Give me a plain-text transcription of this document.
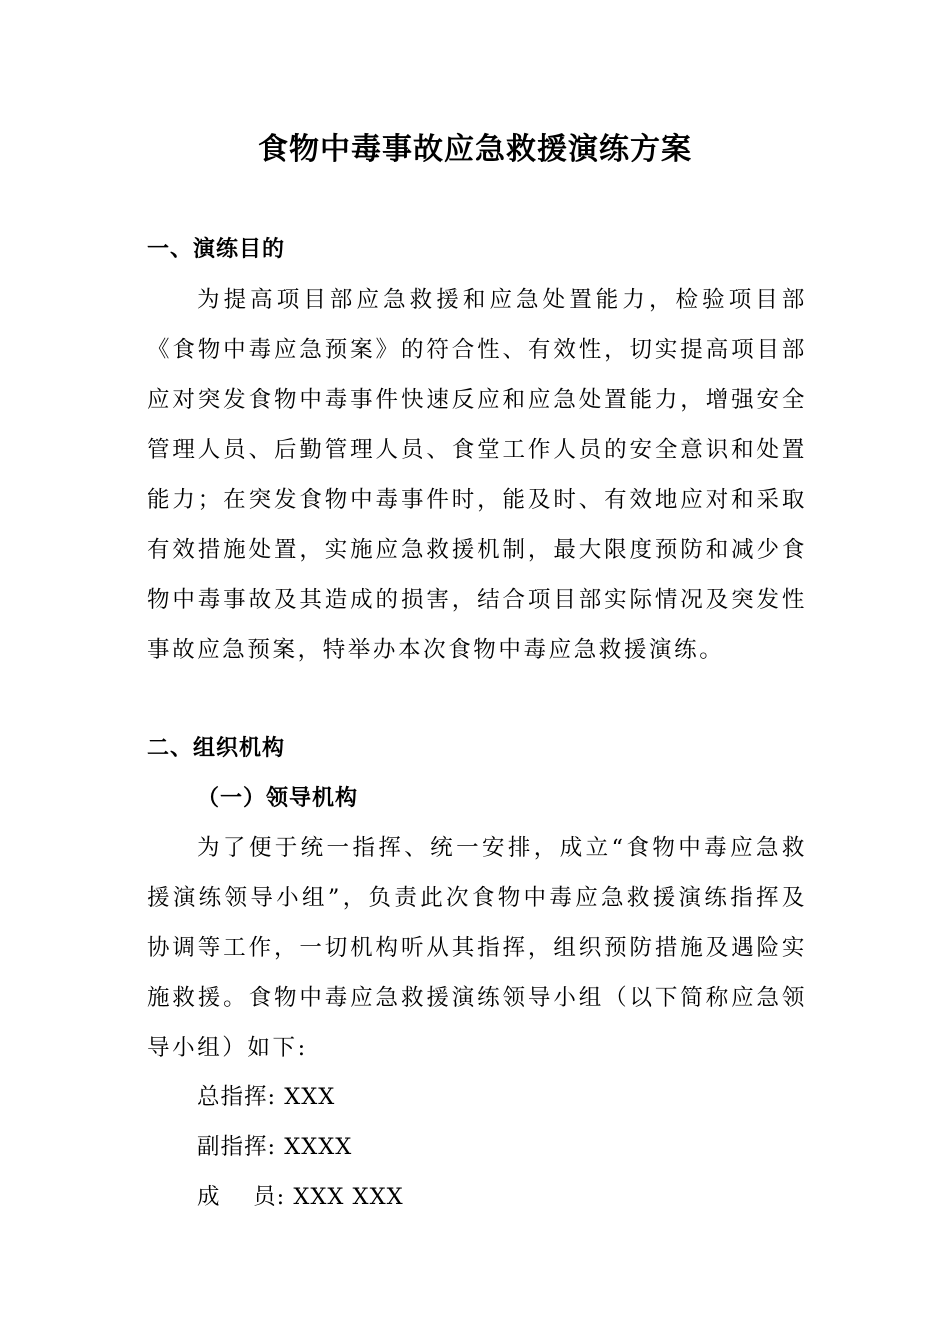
食物中毒事故应急救援演练方案
一、演练目的

为提高项目部应急救援和应急处置能力，检验项目部《食物中毒应急预案》的符合性、有效性，切实提高项目部应对突发食物中毒事件快速反应和应急处置能力，增强安全管理人员、后勤管理人员、食堂工作人员的安全意识和处置能力；在突发食物中毒事件时，能及时、有效地应对和采取有效措施处置，实施应急救援机制，最大限度预防和减少食物中毒事故及其造成的损害，结合项目部实际情况及突发性事故应急预案，特举办本次食物中毒应急救援演练。

二、组织机构
（一）领导机构

为了便于统一指挥、统一安排，成立“食物中毒应急救援演练领导小组”，负责此次食物中毒应急救援演练指挥及协调等工作，一切机构听从其指挥，组织预防措施及遇险实施救援。食物中毒应急救援演练领导小组（以下简称应急领导小组）如下:

总指挥: XXX
副指挥: XXXX
成    员: XXX XXX
